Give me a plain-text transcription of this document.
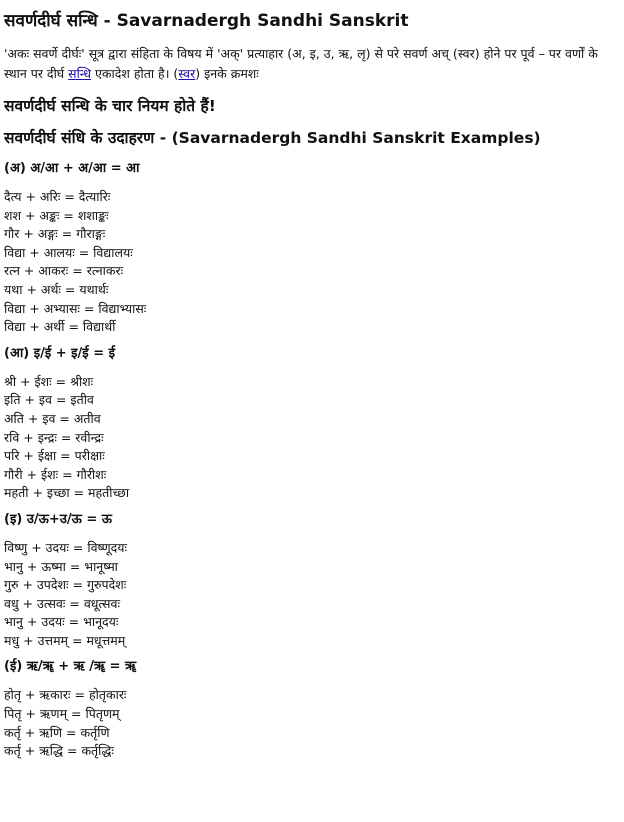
सवर्णदीर्घ सन्धि - Savarnadergh Sandhi Sanskrit

'अकः सवर्णे दीर्घः' सूत्र द्वारा संहिता के विषय में 'अक्' प्रत्याहार (अ, इ, उ, ऋ, लृ) से परे सवर्ण अच् (स्वर) होने पर पूर्व – पर वर्णों के स्थान पर दीर्घ सन्धि एकादेश होता है। (स्वर) इनके क्रमशः

सवर्णदीर्घ सन्धि के चार नियम होते हैं!
सवर्णदीर्घ संधि के उदाहरण - (Savarnadergh Sandhi Sanskrit Examples)
(अ) अ/आ + अ/आ = आ
दैत्य + अरिः = दैत्यारिः
शश + अङ्कः = शशाङ्कः
गौर + अङ्गः = गौराङ्गः
विद्या + आलयः = विद्यालयः
रत्न + आकरः = रत्नाकरः
यथा + अर्थः = यथार्थः
विद्या + अभ्यासः = विद्याभ्यासः
विद्या + अर्थी = विद्यार्थी
(आ) इ/ई + इ/ई = ई
श्री + ईशः = श्रीशः
इति + इव = इतीव
अति + इव = अतीव
रवि + इन्द्रः = रवीन्द्रः
परि + ईक्षा = परीक्षाः
गौरी + ईशः = गौरीशः
महती + इच्छा = महतीच्छा
(इ) उ/ऊ+उ/ऊ = ऊ
विष्णु + उदयः = विष्णूदयः
भानु + ऊष्मा = भानूष्मा
गुरु + उपदेशः = गुरुपदेशः
वधु + उत्सवः = वधूत्सवः
भानु + उदयः = भानूदयः
मधु + उत्तमम् = मधूत्तमम्
(ई) ऋ/ॠ + ऋ /ॠ = ॠ
होतृ + ऋकारः = होतृकारः
पितृ + ऋणम् = पितृणम्
कर्तृ + ऋणि = कर्तृणि
कर्तृ + ऋद्धि = कर्तृद्धिः
